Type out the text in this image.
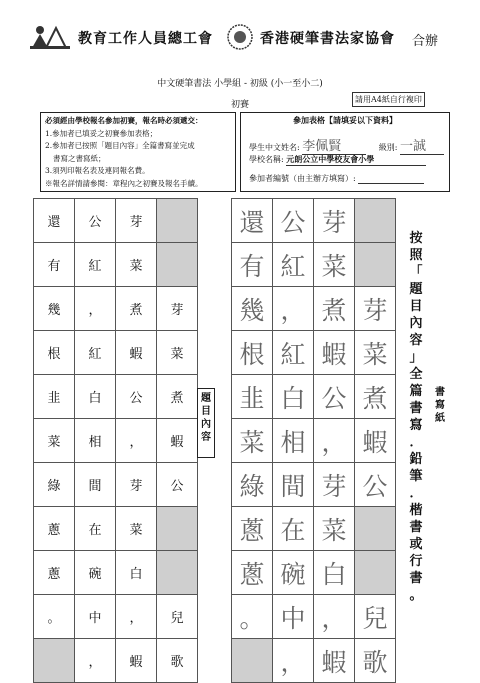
教育工作人員總工會	香港硬筆書法家協會 合辦
中文硬筆書法 小學組 - 初級 (小一至小二)
初賽
請用A4紙自行複印
必須經由學校報名參加初賽，報名時必須遞交：
1.參加者已填妥之初賽參加表格；
2.參加者已按照「題目內容」全篇書寫並完成
書寫之書寫紙；
3.須列印報名表及連同報名費。
※報名詳情請參閱：章程內之初賽及報名手續。
參加表格【請填妥以下資料】
學生中文姓名: 李佩賢	級別: 一誠
學校名稱: 元朗公立中學校友會小學
參加者編號（由主辦方填寫）:
還
有
幾
根
韭
菜
綠
蔥
蔥
。
公
紅
，
紅
白
相
間
在
碗
中
，
芽
菜
煮
蝦
公
，
芽
菜
白
，
蝦
芽
菜
煮
蝦
公
兒
歌
題目內容
還
有
幾
根
韭
菜
綠
蔥
蔥
。
公
紅
，
紅
白
相
間
在
碗
中
，
芽
菜
煮
蝦
公
，
芽
菜
白
，
蝦
芽
菜
煮
蝦
公
兒
歌
按
照
「
題
目
內
容
」
全
篇
書
寫
．
鉛
筆
．
楷
書
或
行
書
。
書寫紙
